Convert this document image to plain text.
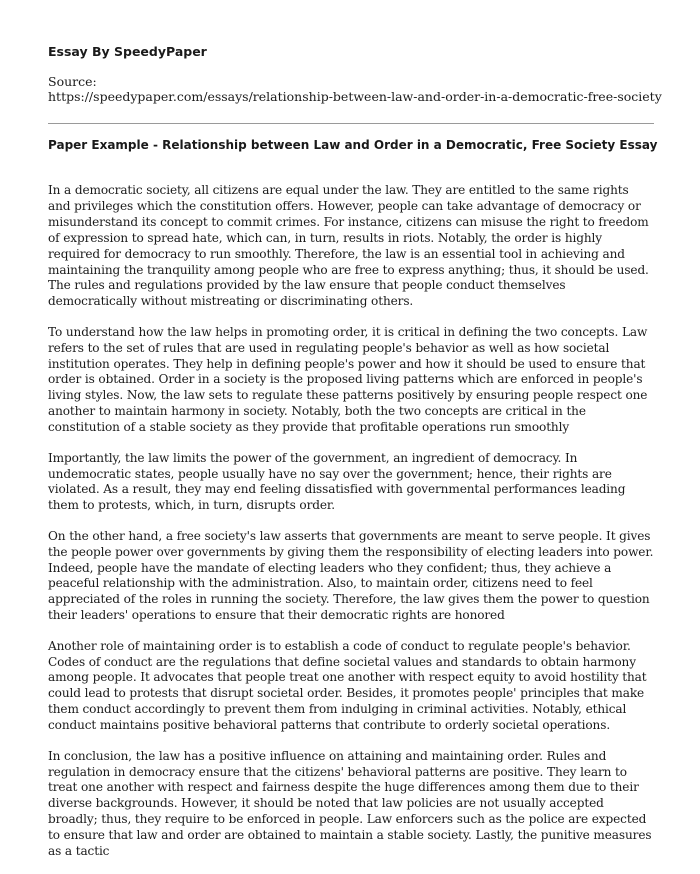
Essay By SpeedyPaper
Source:
https://speedypaper.com/essays/relationship-between-law-and-order-in-a-democratic-free-society
Paper Example - Relationship between Law and Order in a Democratic, Free Society Essay

In a democratic society, all citizens are equal under the law. They are entitled to the same rights and privileges which the constitution offers. However, people can take advantage of democracy or misunderstand its concept to commit crimes. For instance, citizens can misuse the right to freedom of expression to spread hate, which can, in turn, results in riots. Notably, the order is highly required for democracy to run smoothly. Therefore, the law is an essential tool in achieving and maintaining the tranquility among people who are free to express anything; thus, it should be used. The rules and regulations provided by the law ensure that people conduct themselves democratically without mistreating or discriminating others.

To understand how the law helps in promoting order, it is critical in defining the two concepts. Law refers to the set of rules that are used in regulating people's behavior as well as how societal institution operates. They help in defining people's power and how it should be used to ensure that order is obtained. Order in a society is the proposed living patterns which are enforced in people's living styles. Now, the law sets to regulate these patterns positively by ensuring people respect one another to maintain harmony in society. Notably, both the two concepts are critical in the constitution of a stable society as they provide that profitable operations run smoothly

Importantly, the law limits the power of the government, an ingredient of democracy. In undemocratic states, people usually have no say over the government; hence, their rights are violated. As a result, they may end feeling dissatisfied with governmental performances leading them to protests, which, in turn, disrupts order.

On the other hand, a free society's law asserts that governments are meant to serve people. It gives the people power over governments by giving them the responsibility of electing leaders into power. Indeed, people have the mandate of electing leaders who they confident; thus, they achieve a peaceful relationship with the administration. Also, to maintain order, citizens need to feel appreciated of the roles in running the society. Therefore, the law gives them the power to question their leaders' operations to ensure that their democratic rights are honored

Another role of maintaining order is to establish a code of conduct to regulate people's behavior. Codes of conduct are the regulations that define societal values and standards to obtain harmony among people. It advocates that people treat one another with respect equity to avoid hostility that could lead to protests that disrupt societal order. Besides, it promotes people' principles that make them conduct accordingly to prevent them from indulging in criminal activities. Notably, ethical conduct maintains positive behavioral patterns that contribute to orderly societal operations.

In conclusion, the law has a positive influence on attaining and maintaining order. Rules and regulation in democracy ensure that the citizens' behavioral patterns are positive. They learn to treat one another with respect and fairness despite the huge differences among them due to their diverse backgrounds. However, it should be noted that law policies are not usually accepted broadly; thus, they require to be enforced in people. Law enforcers such as the police are expected to ensure that law and order are obtained to maintain a stable society. Lastly, the punitive measures as a tactic
